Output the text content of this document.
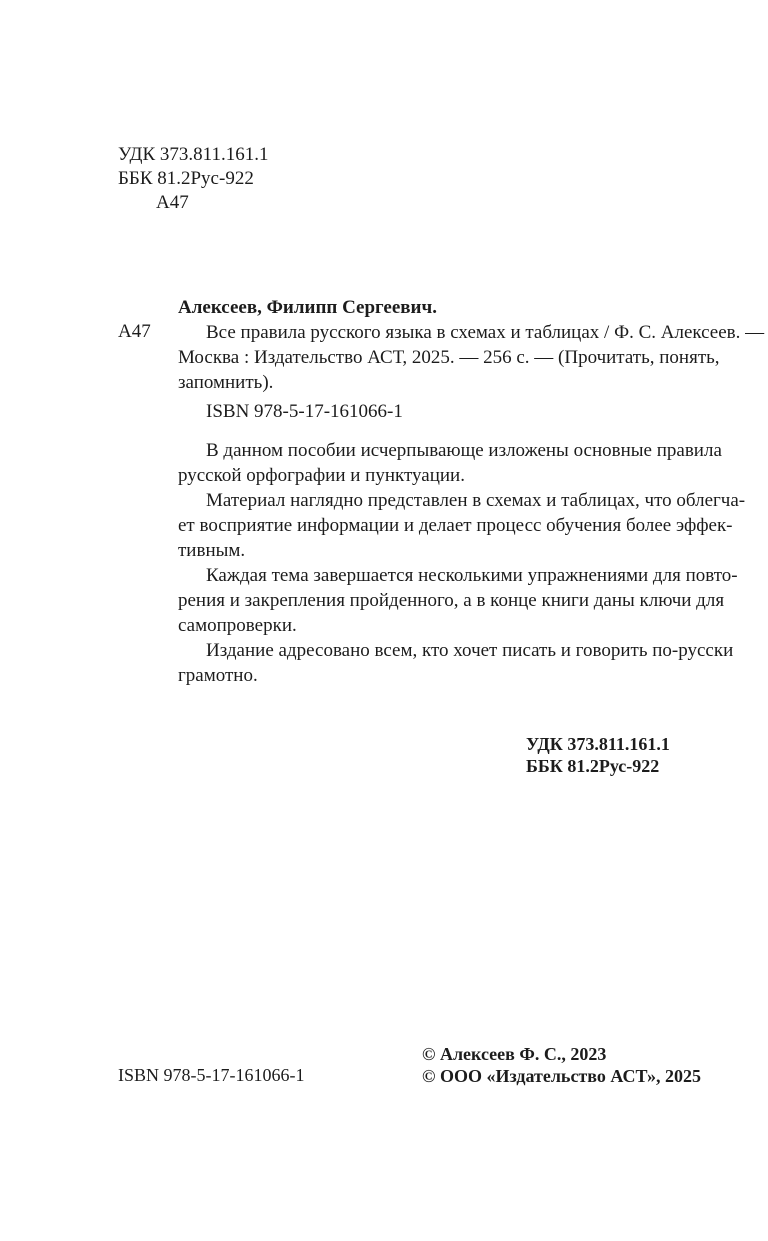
УДК 373.811.161.1
ББК 81.2Рус-922
А47
Алексеев, Филипп Сергеевич.
А47	Все правила русского языка в схемах и таблицах / Ф. С. Алексеев. —
Москва : Издательство АСТ, 2025. — 256 с. — (Прочитать, понять,
запомнить).
ISBN 978-5-17-161066-1
В данном пособии исчерпывающе изложены основные правила
русской орфографии и пунктуации.
Материал наглядно представлен в схемах и таблицах, что облегча-
ет восприятие информации и делает процесс обучения более эффек-
тивным.
Каждая тема завершается несколькими упражнениями для повто-
рения и закрепления пройденного, а в конце книги даны ключи для
самопроверки.
Издание адресовано всем, кто хочет писать и говорить по-русски
грамотно.
УДК 373.811.161.1
ББК 81.2Рус-922
ISBN 978-5-17-161066-1
© Алексеев Ф. С., 2023
© ООО «Издательство АСТ», 2025
